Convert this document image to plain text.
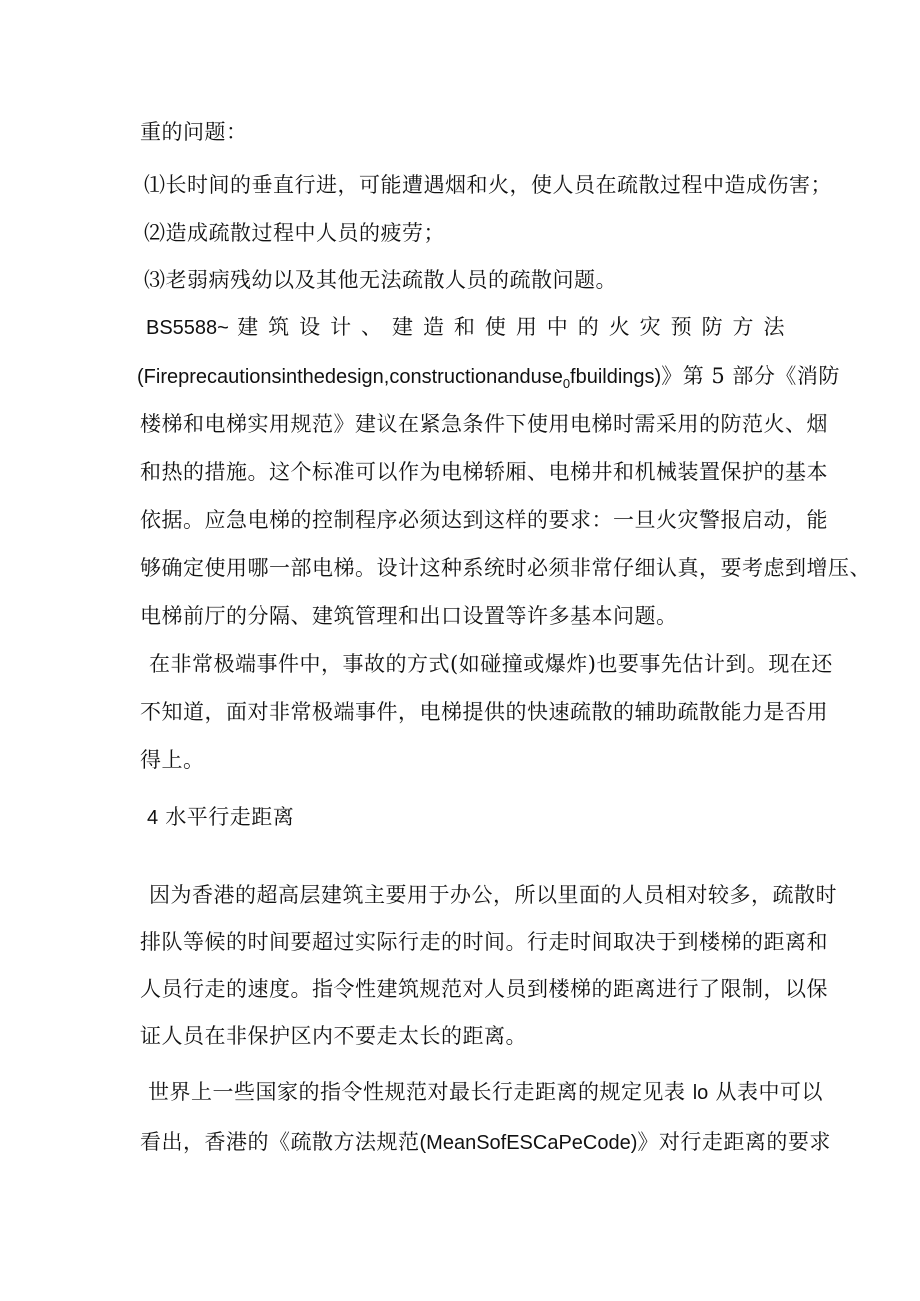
重的问题：
⑴长时间的垂直行进，可能遭遇烟和火，使人员在疏散过程中造成伤害；
⑵造成疏散过程中人员的疲劳；
⑶老弱病残幼以及其他无法疏散人员的疏散问题。
BS5588~ 建 筑 设 计 、 建 造 和 使 用 中 的 火 灾 预 防 方 法
(Fireprecautionsinthedesign,constructionanduse$_0$fbuildings)》第 5 部分《消防
楼梯和电梯实用规范》建议在紧急条件下使用电梯时需采用的防范火、烟
和热的措施。这个标准可以作为电梯轿厢、电梯井和机械装置保护的基本
依据。应急电梯的控制程序必须达到这样的要求：一旦火灾警报启动，能
够确定使用哪一部电梯。设计这种系统时必须非常仔细认真，要考虑到增压、
电梯前厅的分隔、建筑管理和出口设置等许多基本问题。
在非常极端事件中，事故的方式(如碰撞或爆炸)也要事先估计到。现在还
不知道，面对非常极端事件，电梯提供的快速疏散的辅助疏散能力是否用
得上。
4 水平行走距离
因为香港的超高层建筑主要用于办公，所以里面的人员相对较多，疏散时
排队等候的时间要超过实际行走的时间。行走时间取决于到楼梯的距离和
人员行走的速度。指令性建筑规范对人员到楼梯的距离进行了限制，以保
证人员在非保护区内不要走太长的距离。
世界上一些国家的指令性规范对最长行走距离的规定见表 lo 从表中可以
看出，香港的《疏散方法规范(MeanSofESCaPeCode)》对行走距离的要求
